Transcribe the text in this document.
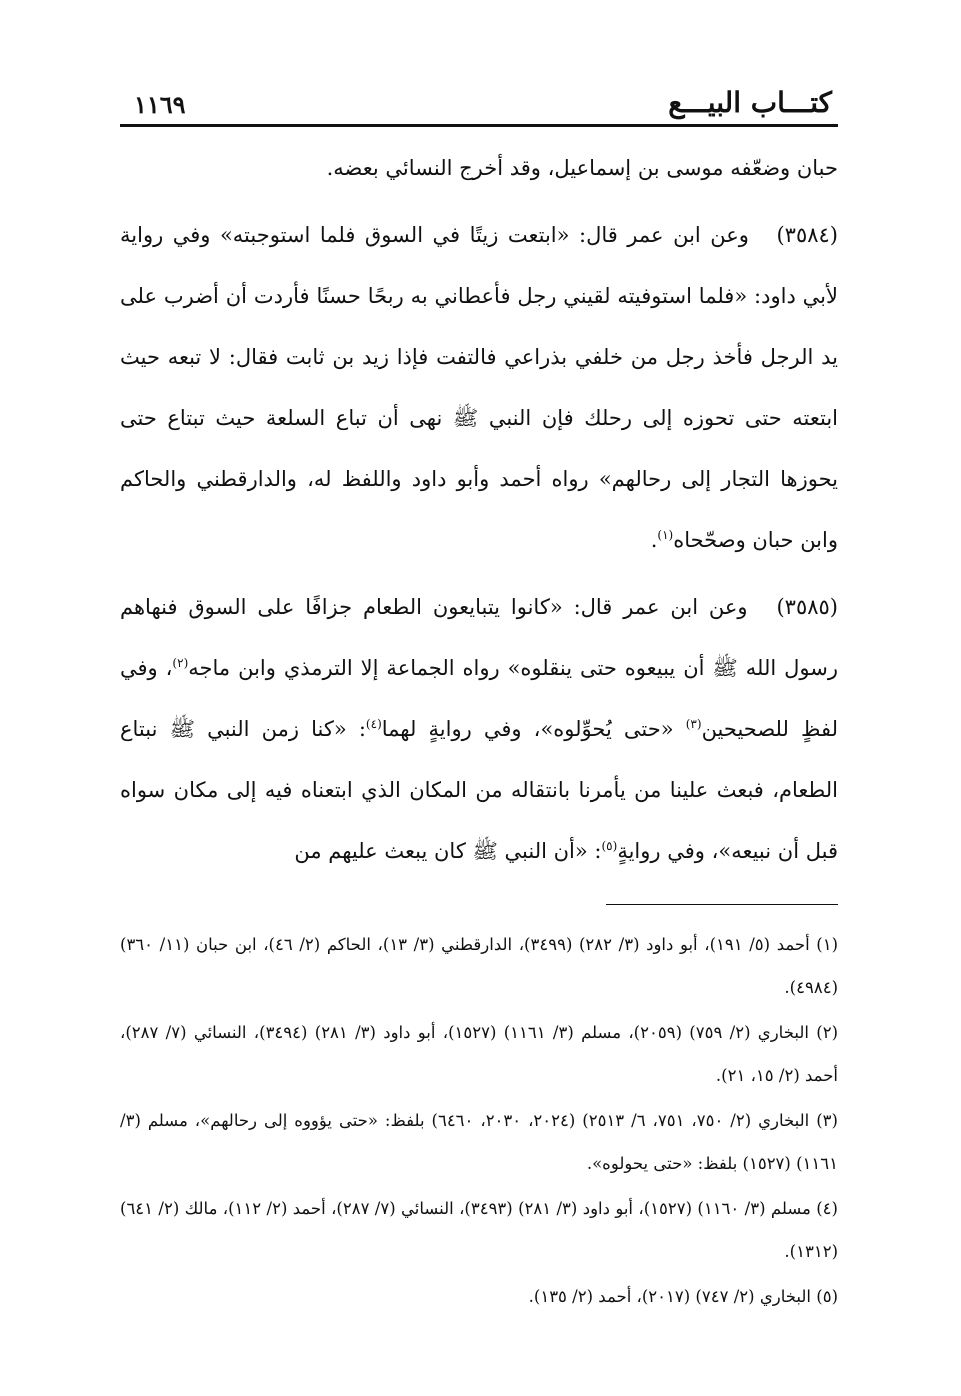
كتـــاب البيـــع
١١٦٩

حبان وضعّفه موسى بن إسماعيل، وقد أخرج النسائي بعضه.

(٣٥٨٤) وعن ابن عمر قال: «ابتعت زيتًا في السوق فلما استوجبته» وفي رواية لأبي داود: «فلما استوفيته لقيني رجل فأعطاني به ربحًا حسنًا فأردت أن أضرب على يد الرجل فأخذ رجل من خلفي بذراعي فالتفت فإذا زيد بن ثابت فقال: لا تبعه حيث ابتعته حتى تحوزه إلى رحلك فإن النبي ﷺ نهى أن تباع السلعة حيث تبتاع حتى يحوزها التجار إلى رحالهم» رواه أحمد وأبو داود واللفظ له، والدارقطني والحاكم وابن حبان وصحّحاه$^{(١)}$.

(٣٥٨٥) وعن ابن عمر قال: «كانوا يتبايعون الطعام جزافًا على السوق فنهاهم رسول الله ﷺ أن يبيعوه حتى ينقلوه» رواه الجماعة إلا الترمذي وابن ماجه$^{(٢)}$، وفي لفظٍ للصحيحين$^{(٣)}$ «حتى يُحوِّلوه»، وفي روايةٍ لهما$^{(٤)}$: «كنا زمن النبي ﷺ نبتاع الطعام، فبعث علينا من يأمرنا بانتقاله من المكان الذي ابتعناه فيه إلى مكان سواه قبل أن نبيعه»، وفي روايةٍ$^{(٥)}$: «أن النبي ﷺ كان يبعث عليهم من

(١) أحمد (٥/ ١٩١)، أبو داود (٣/ ٢٨٢) (٣٤٩٩)، الدارقطني (٣/ ١٣)، الحاكم (٢/ ٤٦)، ابن حبان (١١/ ٣٦٠) (٤٩٨٤).

(٢) البخاري (٢/ ٧٥٩) (٢٠٥٩)، مسلم (٣/ ١١٦١) (١٥٢٧)، أبو داود (٣/ ٢٨١) (٣٤٩٤)، النسائي (٧/ ٢٨٧)، أحمد (٢/ ١٥، ٢١).

(٣) البخاري (٢/ ٧٥٠، ٧٥١، ٦/ ٢٥١٣) (٢٠٢٤، ٢٠٣٠، ٦٤٦٠) بلفظ: «حتى يؤووه إلى رحالهم»، مسلم (٣/ ١١٦١) (١٥٢٧) بلفظ: «حتى يحولوه».

(٤) مسلم (٣/ ١١٦٠) (١٥٢٧)، أبو داود (٣/ ٢٨١) (٣٤٩٣)، النسائي (٧/ ٢٨٧)، أحمد (٢/ ١١٢)، مالك (٢/ ٦٤١) (١٣١٢).

(٥) البخاري (٢/ ٧٤٧) (٢٠١٧)، أحمد (٢/ ١٣٥).
